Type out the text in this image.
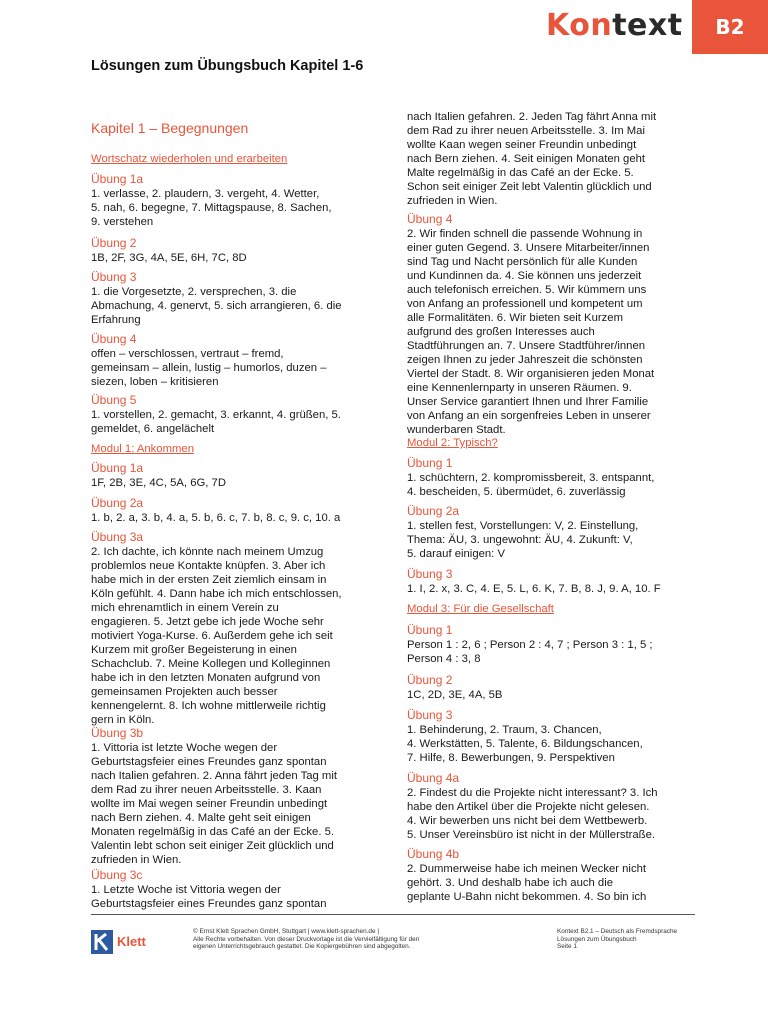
Kontext	B2
Lösungen zum Übungsbuch Kapitel 1-6
Kapitel 1 – Begegnungen
Wortschatz wiederholen und erarbeiten
Übung 1a
1. verlasse, 2. plaudern, 3. vergeht, 4. Wetter,
5. nah, 6. begegne, 7. Mittagspause, 8. Sachen,
9. verstehen
Übung 2
1B, 2F, 3G, 4A, 5E, 6H, 7C, 8D
Übung 3
1. die Vorgesetzte, 2. versprechen, 3. die
Abmachung, 4. genervt, 5. sich arrangieren, 6. die
Erfahrung
Übung 4
offen – verschlossen, vertraut – fremd,
gemeinsam – allein, lustig – humorlos, duzen –
siezen, loben – kritisieren
Übung 5
1. vorstellen, 2. gemacht, 3. erkannt, 4. grüßen, 5.
gemeldet, 6. angelächelt
Modul 1: Ankommen
Übung 1a
1F, 2B, 3E, 4C, 5A, 6G, 7D
Übung 2a
1. b, 2. a, 3. b, 4. a, 5. b, 6. c, 7. b, 8. c, 9. c, 10. a
Übung 3a
2. Ich dachte, ich könnte nach meinem Umzug
problemlos neue Kontakte knüpfen. 3. Aber ich
habe mich in der ersten Zeit ziemlich einsam in
Köln gefühlt. 4. Dann habe ich mich entschlossen,
mich ehrenamtlich in einem Verein zu
engagieren. 5. Jetzt gebe ich jede Woche sehr
motiviert Yoga-Kurse. 6. Außerdem gehe ich seit
Kurzem mit großer Begeisterung in einen
Schachclub. 7. Meine Kollegen und Kolleginnen
habe ich in den letzten Monaten aufgrund von
gemeinsamen Projekten auch besser
kennengelernt. 8. Ich wohne mittlerweile richtig
gern in Köln.
Übung 3b
1. Vittoria ist letzte Woche wegen der
Geburtstagsfeier eines Freundes ganz spontan
nach Italien gefahren. 2. Anna fährt jeden Tag mit
dem Rad zu ihrer neuen Arbeitsstelle. 3. Kaan
wollte im Mai wegen seiner Freundin unbedingt
nach Bern ziehen. 4. Malte geht seit einigen
Monaten regelmäßig in das Café an der Ecke. 5.
Valentin lebt schon seit einiger Zeit glücklich und
zufrieden in Wien.
Übung 3c
1. Letzte Woche ist Vittoria wegen der
Geburtstagsfeier eines Freundes ganz spontan
nach Italien gefahren. 2. Jeden Tag fährt Anna mit
dem Rad zu ihrer neuen Arbeitsstelle. 3. Im Mai
wollte Kaan wegen seiner Freundin unbedingt
nach Bern ziehen. 4. Seit einigen Monaten geht
Malte regelmäßig in das Café an der Ecke. 5.
Schon seit einiger Zeit lebt Valentin glücklich und
zufrieden in Wien.
Übung 4
2. Wir finden schnell die passende Wohnung in
einer guten Gegend. 3. Unsere Mitarbeiter/innen
sind Tag und Nacht persönlich für alle Kunden
und Kundinnen da. 4. Sie können uns jederzeit
auch telefonisch erreichen. 5. Wir kümmern uns
von Anfang an professionell und kompetent um
alle Formalitäten. 6. Wir bieten seit Kurzem
aufgrund des großen Interesses auch
Stadtführungen an. 7. Unsere Stadtführer/innen
zeigen Ihnen zu jeder Jahreszeit die schönsten
Viertel der Stadt. 8. Wir organisieren jeden Monat
eine Kennenlernparty in unseren Räumen. 9.
Unser Service garantiert Ihnen und Ihrer Familie
von Anfang an ein sorgenfreies Leben in unserer
wunderbaren Stadt.
Modul 2: Typisch?
Übung 1
1. schüchtern, 2. kompromissbereit, 3. entspannt,
4. bescheiden, 5. übermüdet, 6. zuverlässig
Übung 2a
1. stellen fest, Vorstellungen: V, 2. Einstellung,
Thema: ÄU, 3. ungewohnt: ÄU, 4. Zukunft: V,
5. darauf einigen: V
Übung 3
1. I, 2. x, 3. C, 4. E, 5. L, 6. K, 7. B, 8. J, 9. A, 10. F
Modul 3: Für die Gesellschaft
Übung 1
Person 1 : 2, 6 ; Person 2 : 4, 7 ; Person 3 : 1, 5 ;
Person 4 : 3, 8
Übung 2
1C, 2D, 3E, 4A, 5B
Übung 3
1. Behinderung, 2. Traum, 3. Chancen,
4. Werkstätten, 5. Talente, 6. Bildungschancen,
7. Hilfe, 8. Bewerbungen, 9. Perspektiven
Übung 4a
2. Findest du die Projekte nicht interessant? 3. Ich
habe den Artikel über die Projekte nicht gelesen.
4. Wir bewerben uns nicht bei dem Wettbewerb.
5. Unser Vereinsbüro ist nicht in der Müllerstraße.
Übung 4b
2. Dummerweise habe ich meinen Wecker nicht
gehört. 3. Und deshalb habe ich auch die
geplante U-Bahn nicht bekommen. 4. So bin ich
Klett
© Ernst Klett Sprachen GmbH, Stuttgart | www.klett-sprachen.de |
Alle Rechte vorbehalten. Von dieser Druckvorlage ist die Vervielfältigung für den
eigenen Unterrichtsgebrauch gestattet. Die Kopiergebühren sind abgegolten.
Kontext B2.1 – Deutsch als Fremdsprache
Lösungen zum Übungsbuch
Seite 1
